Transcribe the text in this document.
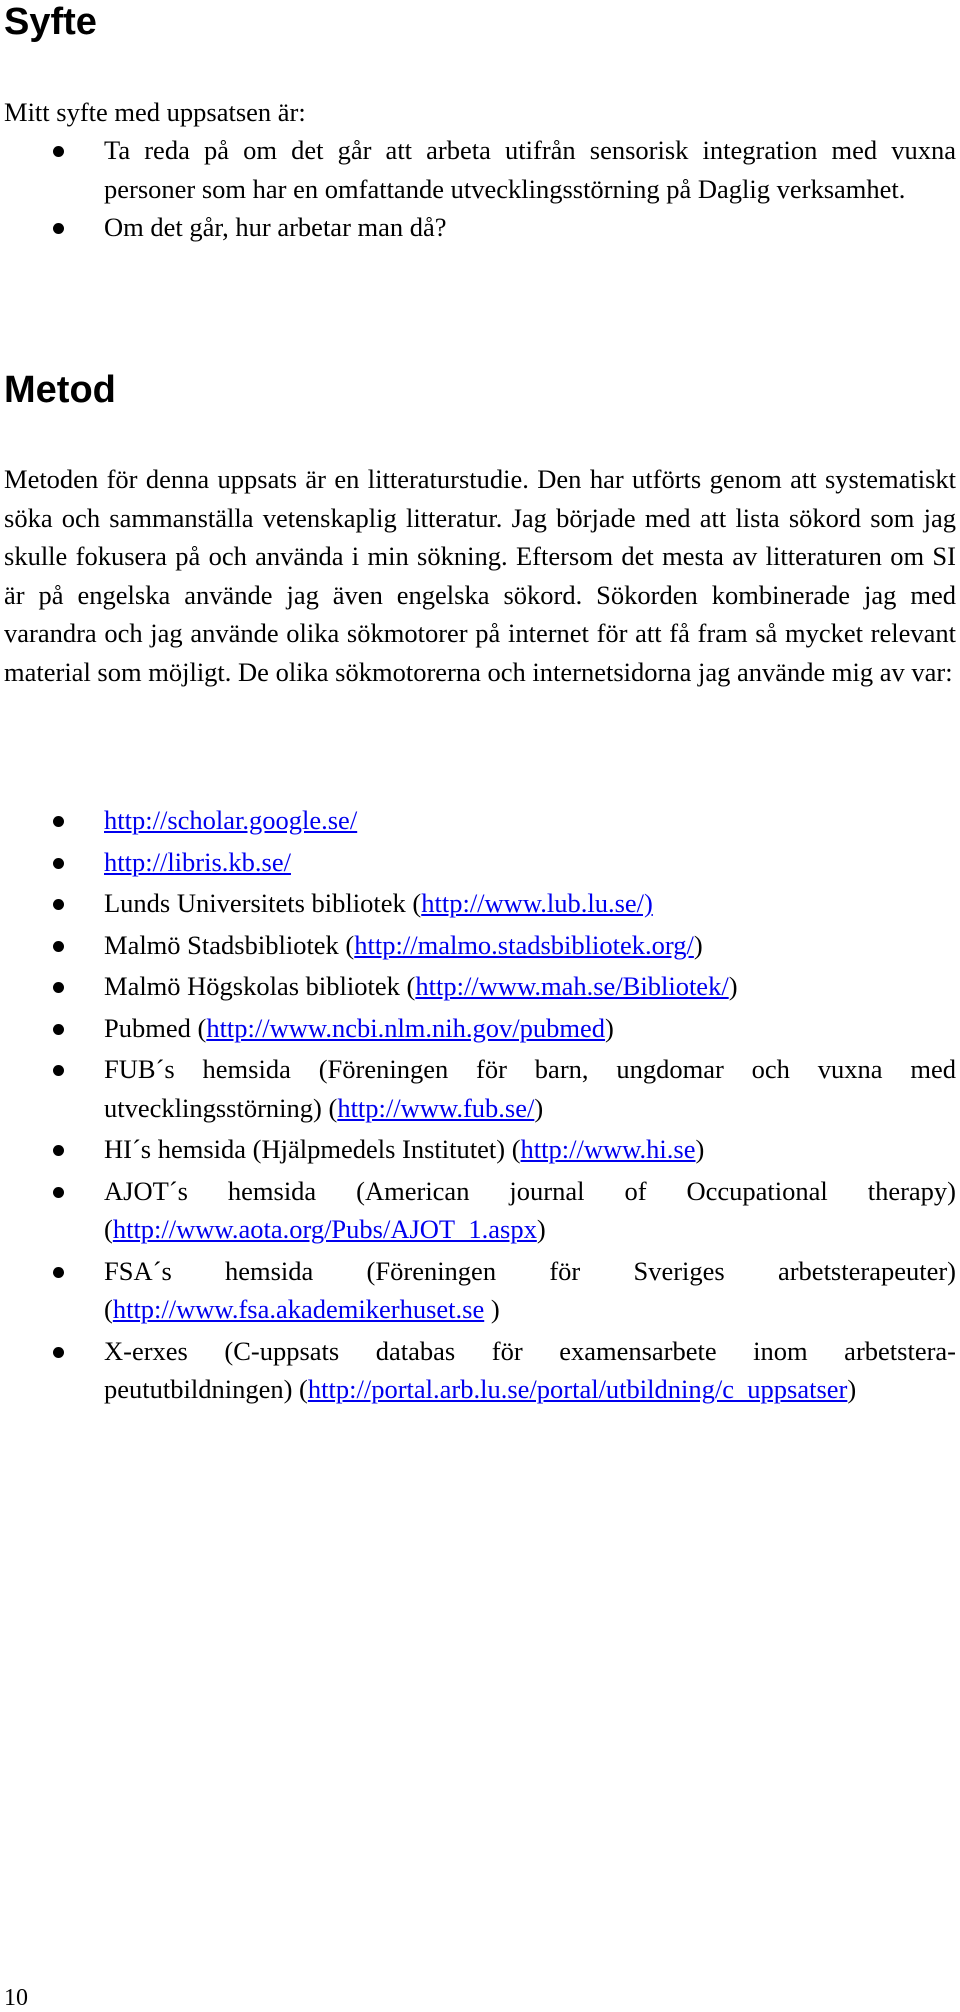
Syfte

Mitt syfte med uppsatsen är:

Ta reda på om det går att arbeta utifrån sensorisk integration med vuxna personer som har en omfattande utvecklingsstörning på Daglig verksamhet.
Om det går, hur arbetar man då?
Metod

Metoden för denna uppsats är en litteraturstudie. Den har utförts genom att systematiskt söka och sammanställa vetenskaplig litteratur. Jag började med att lista sökord som jag skulle fokusera på och använda i min sökning. Eftersom det mesta av litteraturen om SI är på engelska använde jag även engelska sökord. Sökorden kombinerade jag med varandra och jag använde olika sökmotorer på internet för att få fram så mycket relevant material som möjligt. De olika sökmotorerna och internetsidorna jag använde mig av var:

http://scholar.google.se/
http://libris.kb.se/
Lunds Universitets bibliotek (http://www.lub.lu.se/)
Malmö Stadsbibliotek (http://malmo.stadsbibliotek.org/)
Malmö Högskolas bibliotek (http://www.mah.se/Bibliotek/)
Pubmed (http://www.ncbi.nlm.nih.gov/pubmed)
FUB´s hemsida (Föreningen för barn, ungdomar och vuxna med utvecklingsstörning) (http://www.fub.se/)
HI´s hemsida (Hjälpmedels Institutet) (http://www.hi.se)
AJOT´s hemsida (American journal of Occupational therapy) (http://www.aota.org/Pubs/AJOT_1.aspx)
FSA´s hemsida (Föreningen för Sveriges arbetsterapeuter) (http://www.fsa.akademikerhuset.se )
X-erxes (C-uppsats databas för examensarbete inom arbetstera-peututbildningen) (http://portal.arb.lu.se/portal/utbildning/c_uppsatser)
10
